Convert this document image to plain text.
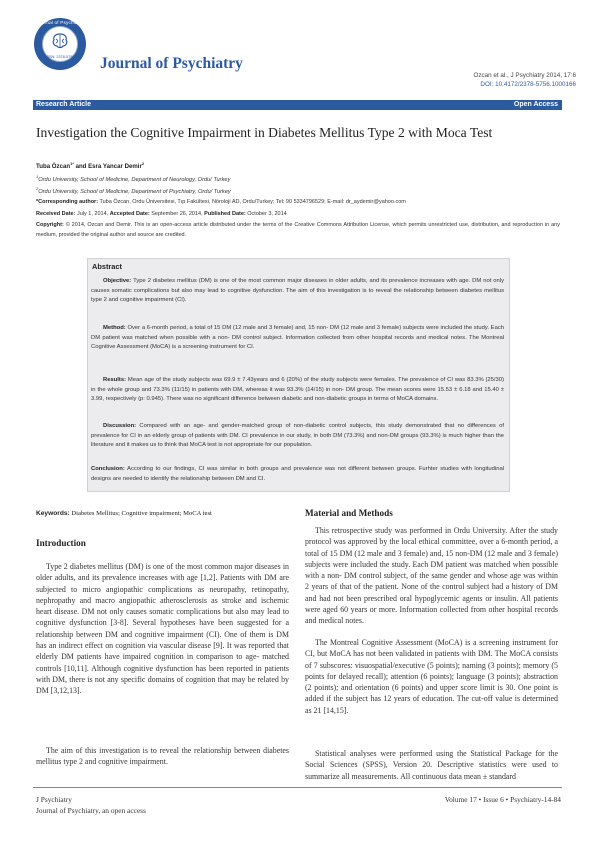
Journal of Psychiatry
ISSN: 2378-5756 Journal of Psychiatry
Ozcan et al., J Psychiatry 2014, 17:6
DOI: 10.4172/2378-5756.1000166
Research Article	Open Access
Investigation the Cognitive Impairment in Diabetes Mellitus Type 2 with Moca Test
Tuba Özcan$^{1*}$ and Esra Yancar Demir$^2$
$^1$Ordu University, School of Medicine, Department of Neurology, Ordu/ Turkey
$^2$Ordu University, School of Medicine, Department of Psychiatry, Ordu/ Turkey
*Corresponding author: Tuba Özcan, Ordu Üniversitesi, Tıp Fakültesi, Nöroloji AD, Ordu/Turkey; Tel: 90 5334796529; E-mail: dr_aydemir@yahoo.com
Received Date: July 1, 2014, Accepted Date: September 26, 2014, Published Date: October 3, 2014
Copyright: © 2014, Ozcan and Demir. This is an open-access article distributed under the terms of the Creative Commons Attribution License, which permits unrestricted use, distribution, and reproduction in any medium, provided the original author and source are credited.
Abstract
Objective: Type 2 diabetes mellitus (DM) is one of the most common major diseases in older adults, and its prevalence increases with age. DM not only causes somatic complications but also may lead to cognitive dysfunction. The aim of this investigation is to reveal the relationship between diabetes mellitus type 2 and cognitive impairment (CI).
Method: Over a 6-month period, a total of 15 DM (12 male and 3 female) and, 15 non- DM (12 male and 3 female) subjects were included the study. Each DM patient was matched when possible with a non- DM control subject. Information collected from other hospital records and medical notes. The Montreal Cognitive Assessment (MoCA) is a screening instrument for CI.
Results: Mean age of the study subjects was 69.9 ± 7.43years and 6 (20%) of the study subjects were females. The prevalence of CI was 83.3% (25/30) in the whole group and 73.3% (11/15) in patients with DM, whereas it was 93.3% (14/15) in non- DM group. The mean scores were 15.53 ± 6.18 and 15.40 ± 3.99, respectively (p: 0.945). There was no significant difference between diabetic and non-diabetic groups in terms of MoCA domains.
Discussion: Compared with an age- and gender-matched group of non-diabetic control subjects, this study demonstrated that no differences of prevalence for CI in an elderly group of patients with DM. CI prevalence in our study, in both DM (73.3%) and non-DM groups (93.3%) is much higher than the literature and it makes us to think that MoCA test is not appropriate for our population.
Conclusion: According to our findings, CI was similar in both groups and prevalence was not different between groups. Furhter studies with longitudinal designs are needed to identify the relationship between DM and CI.
Keywords: Diabetes Mellitus; Cognitive impairment; MoCA test
Introduction
Type 2 diabetes mellitus (DM) is one of the most common major diseases in older adults, and its prevalence increases with age [1,2]. Patients with DM are subjected to micro angiopathic complications as neuropathy, retinopathy, nephropathy and macro angiopathic atherosclerosis as stroke and ischemic heart disease. DM not only causes somatic complications but also may lead to cognitive dysfunction [3-8]. Several hypotheses have been suggested for a relationship between DM and cognitive impairment (CI). One of them is DM has an indirect effect on cognition via vascular disease [9]. It was reported that elderly DM patients have impaired cognition in comparison to age- matched controls [10,11]. Although cognitive dysfunction has been reported in patients with DM, there is not any specific domains of cognition that may be related by DM [3,12,13].
The aim of this investigation is to reveal the relationship between diabetes mellitus type 2 and cognitive impairment.
Material and Methods
This retrospective study was performed in Ordu University. After the study protocol was approved by the local ethical committee, over a 6-month period, a total of 15 DM (12 male and 3 female) and, 15 non-DM (12 male and 3 female) subjects were included the study. Each DM patient was matched when possible with a non- DM control subject, of the same gender and whose age was within 2 years of that of the patient. None of the control subject had a history of DM and had not been prescribed oral hypoglycemic agents or insulin. All patients were aged 60 years or more. Information collected from other hospital records and medical notes.
The Montreal Cognitive Assessment (MoCA) is a screening instrument for CI, but MoCA has not been validated in patients with DM. The MoCA consists of 7 subscores: visuospatial/executive (5 points); naming (3 points); memory (5 points for delayed recall); attention (6 points); language (3 points); abstraction (2 points); and orientation (6 points) and upper score limit is 30. One point is added if the subject has 12 years of education. The cut-off value is determined as 21 [14,15].
Statistical analyses were performed using the Statistical Package for the Social Sciences (SPSS), Version 20. Descriptive statistics were used to summarize all measurements. All continuous data mean ± standard
J Psychiatry
Journal of Psychiatry, an open access
Volume 17 • Issue 6 • Psychiatry-14-84
